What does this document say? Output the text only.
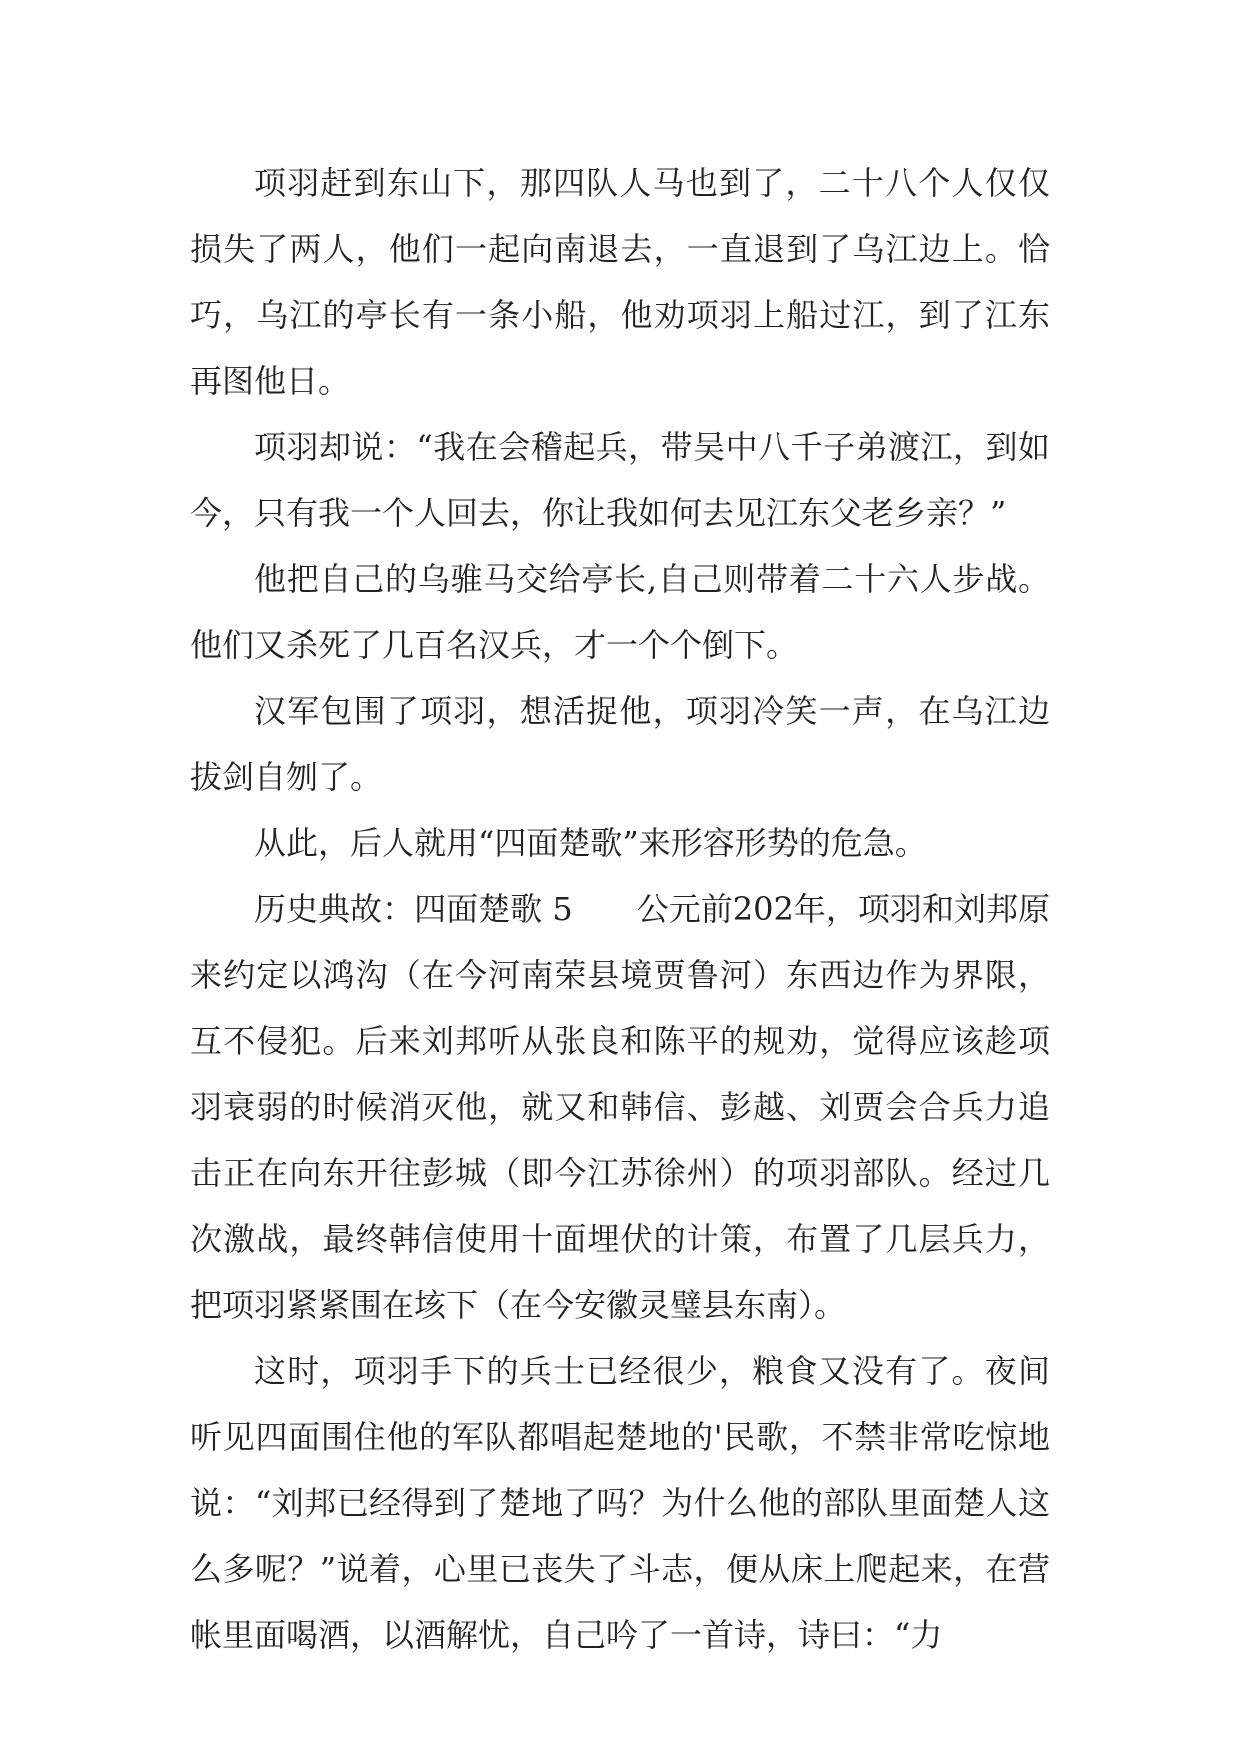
项羽赶到东山下，那四队人马也到了，二十八个人仅仅损失了两人，他们一起向南退去，一直退到了乌江边上。恰巧，乌江的亭长有一条小船，他劝项羽上船过江，到了江东再图他日。

项羽却说：“我在会稽起兵，带吴中八千子弟渡江，到如今，只有我一个人回去，你让我如何去见江东父老乡亲？”

他把自己的乌骓马交给亭长,自己则带着二十六人步战。他们又杀死了几百名汉兵，才一个个倒下。

汉军包围了项羽，想活捉他，项羽冷笑一声，在乌江边拔剑自刎了。

从此，后人就用“四面楚歌”来形容形势的危急。

历史典故：四面楚歌 5　　公元前202年，项羽和刘邦原来约定以鸿沟（在今河南荣县境贾鲁河）东西边作为界限，互不侵犯。后来刘邦听从张良和陈平的规劝，觉得应该趁项羽衰弱的时候消灭他，就又和韩信、彭越、刘贾会合兵力追击正在向东开往彭城（即今江苏徐州）的项羽部队。经过几次激战，最终韩信使用十面埋伏的计策，布置了几层兵力，把项羽紧紧围在垓下（在今安徽灵璧县东南）。

这时，项羽手下的兵士已经很少，粮食又没有了。夜间听见四面围住他的军队都唱起楚地的'民歌，不禁非常吃惊地说：“刘邦已经得到了楚地了吗？为什么他的部队里面楚人这么多呢？”说着，心里已丧失了斗志，便从床上爬起来，在营帐里面喝酒，以酒解忧，自己吟了一首诗，诗曰：“力
